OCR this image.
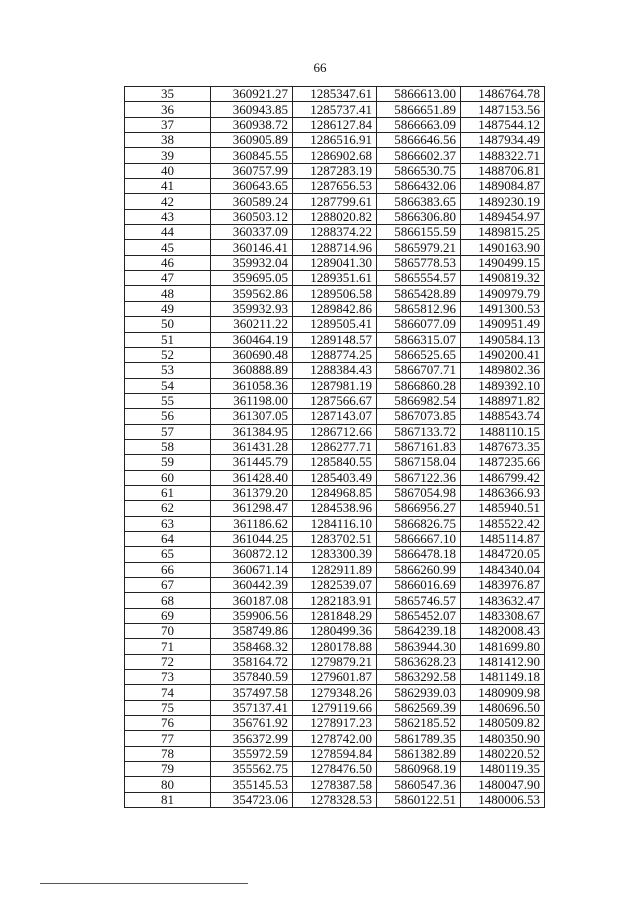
66
35	360921.27	1285347.61	5866613.00	1486764.78
36	360943.85	1285737.41	5866651.89	1487153.56
37	360938.72	1286127.84	5866663.09	1487544.12
38	360905.89	1286516.91	5866646.56	1487934.49
39	360845.55	1286902.68	5866602.37	1488322.71
40	360757.99	1287283.19	5866530.75	1488706.81
41	360643.65	1287656.53	5866432.06	1489084.87
42	360589.24	1287799.61	5866383.65	1489230.19
43	360503.12	1288020.82	5866306.80	1489454.97
44	360337.09	1288374.22	5866155.59	1489815.25
45	360146.41	1288714.96	5865979.21	1490163.90
46	359932.04	1289041.30	5865778.53	1490499.15
47	359695.05	1289351.61	5865554.57	1490819.32
48	359562.86	1289506.58	5865428.89	1490979.79
49	359932.93	1289842.86	5865812.96	1491300.53
50	360211.22	1289505.41	5866077.09	1490951.49
51	360464.19	1289148.57	5866315.07	1490584.13
52	360690.48	1288774.25	5866525.65	1490200.41
53	360888.89	1288384.43	5866707.71	1489802.36
54	361058.36	1287981.19	5866860.28	1489392.10
55	361198.00	1287566.67	5866982.54	1488971.82
56	361307.05	1287143.07	5867073.85	1488543.74
57	361384.95	1286712.66	5867133.72	1488110.15
58	361431.28	1286277.71	5867161.83	1487673.35
59	361445.79	1285840.55	5867158.04	1487235.66
60	361428.40	1285403.49	5867122.36	1486799.42
61	361379.20	1284968.85	5867054.98	1486366.93
62	361298.47	1284538.96	5866956.27	1485940.51
63	361186.62	1284116.10	5866826.75	1485522.42
64	361044.25	1283702.51	5866667.10	1485114.87
65	360872.12	1283300.39	5866478.18	1484720.05
66	360671.14	1282911.89	5866260.99	1484340.04
67	360442.39	1282539.07	5866016.69	1483976.87
68	360187.08	1282183.91	5865746.57	1483632.47
69	359906.56	1281848.29	5865452.07	1483308.67
70	358749.86	1280499.36	5864239.18	1482008.43
71	358468.32	1280178.88	5863944.30	1481699.80
72	358164.72	1279879.21	5863628.23	1481412.90
73	357840.59	1279601.87	5863292.58	1481149.18
74	357497.58	1279348.26	5862939.03	1480909.98
75	357137.41	1279119.66	5862569.39	1480696.50
76	356761.92	1278917.23	5862185.52	1480509.82
77	356372.99	1278742.00	5861789.35	1480350.90
78	355972.59	1278594.84	5861382.89	1480220.52
79	355562.75	1278476.50	5860968.19	1480119.35
80	355145.53	1278387.58	5860547.36	1480047.90
81	354723.06	1278328.53	5860122.51	1480006.53
